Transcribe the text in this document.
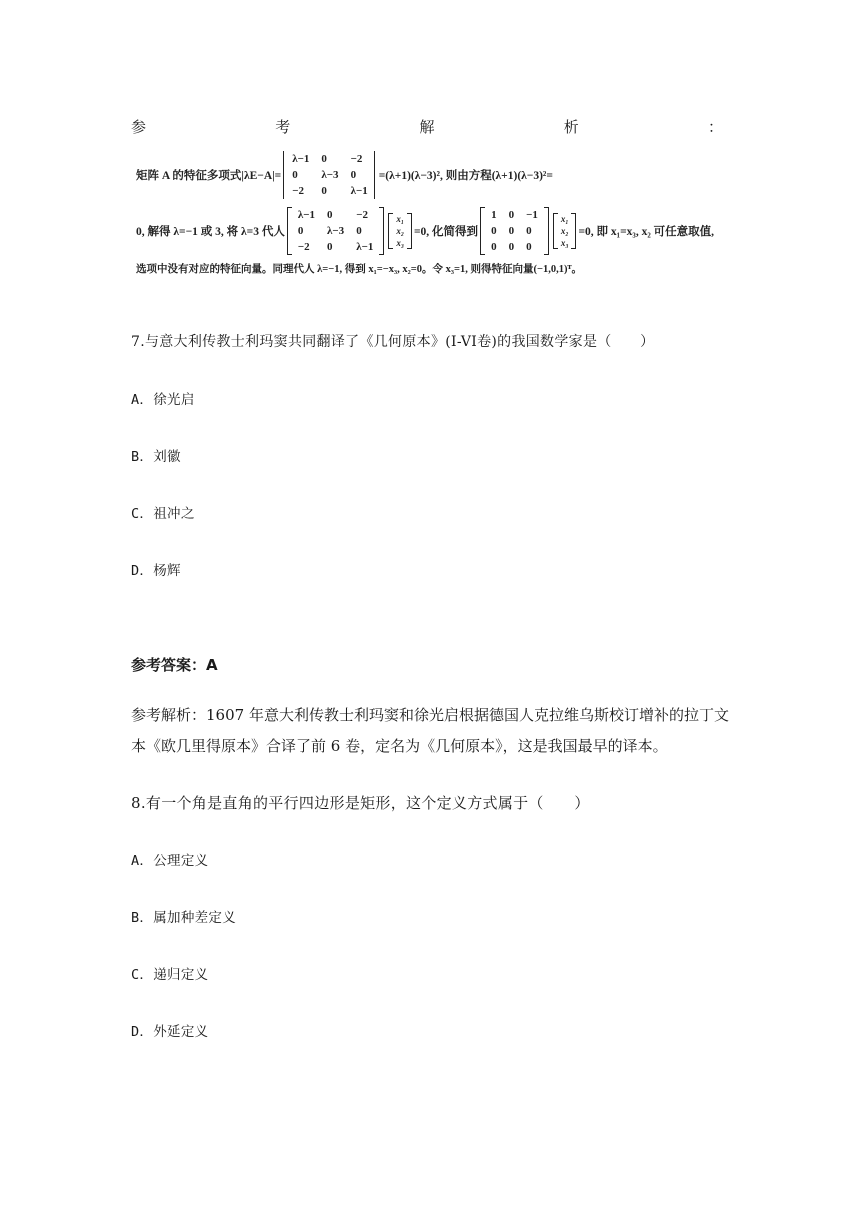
参	考	解	析	：
矩阵 A 的特征多项式|λE−A|=
λ−1	0	−2
0	λ−3	0
−2	0	λ−1
=(λ+1)(λ−3)², 则由方程(λ+1)(λ−3)²=
0, 解得 λ=−1 或 3, 将 λ=3 代人
λ−1	0	−2
0	λ−3	0
−2	0	λ−1
x₁
x₂
x₃
=0, 化简得到
1	0	−1
0	0	0
0	0	0
x₁
x₂
x₃
=0, 即 x₁=x₃, x₂ 可任意取值,
选项中没有对应的特征向量。同理代人 λ=−1, 得到 x₁=−x₃, x₂=0。令 x₃=1, 则得特征向量(−1,0,1)ᵀ。
7.与意大利传教士利玛窦共同翻译了《几何原本》(I-VI卷)的我国数学家是（　　）
A．徐光启
B．刘徽
C．祖冲之
D．杨辉
参考答案：A
参考解析：1607 年意大利传教士利玛窦和徐光启根据德国人克拉维乌斯校订增补的拉丁文
本《欧几里得原本》合译了前 6 卷，定名为《几何原本》，这是我国最早的译本。
8.有一个角是直角的平行四边形是矩形，这个定义方式属于（　　）
A．公理定义
B．属加种差定义
C．递归定义
D．外延定义
